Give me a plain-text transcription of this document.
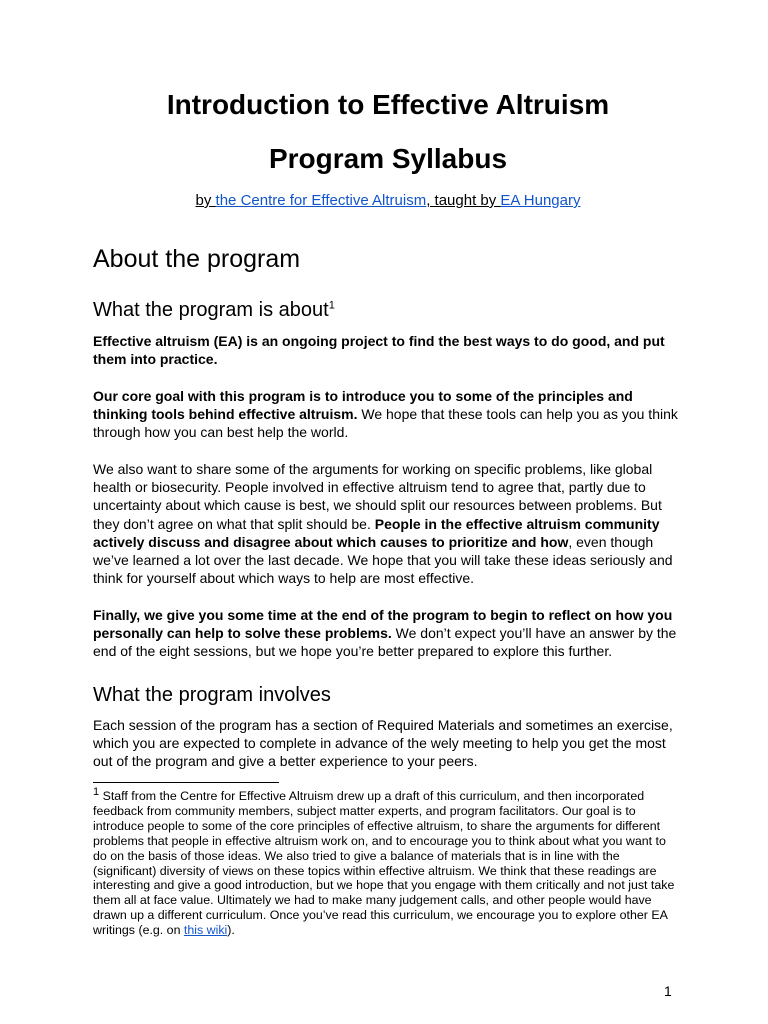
Introduction to Effective Altruism
Program Syllabus
by the Centre for Effective Altruism, taught by EA Hungary
About the program
What the program is about$^1$

Effective altruism (EA) is an ongoing project to find the best ways to do good, and put them into practice.

Our core goal with this program is to introduce you to some of the principles and thinking tools behind effective altruism. We hope that these tools can help you as you think through how you can best help the world.

We also want to share some of the arguments for working on specific problems, like global health or biosecurity. People involved in effective altruism tend to agree that, partly due to uncertainty about which cause is best, we should split our resources between problems. But they don’t agree on what that split should be. People in the effective altruism community actively discuss and disagree about which causes to prioritize and how, even though we’ve learned a lot over the last decade. We hope that you will take these ideas seriously and think for yourself about which ways to help are most effective.

Finally, we give you some time at the end of the program to begin to reflect on how you personally can help to solve these problems. We don’t expect you’ll have an answer by the end of the eight sessions, but we hope you’re better prepared to explore this further.

What the program involves

Each session of the program has a section of Required Materials and sometimes an exercise, which you are expected to complete in advance of the wely meeting to help you get the most out of the program and give a better experience to your peers.

$^1$ Staff from the Centre for Effective Altruism drew up a draft of this curriculum, and then incorporated feedback from community members, subject matter experts, and program facilitators. Our goal is to introduce people to some of the core principles of effective altruism, to share the arguments for different problems that people in effective altruism work on, and to encourage you to think about what you want to do on the basis of those ideas. We also tried to give a balance of materials that is in line with the (significant) diversity of views on these topics within effective altruism. We think that these readings are interesting and give a good introduction, but we hope that you engage with them critically and not just take them all at face value. Ultimately we had to make many judgement calls, and other people would have drawn up a different curriculum. Once you’ve read this curriculum, we encourage you to explore other EA writings (e.g. on this wiki).

1
